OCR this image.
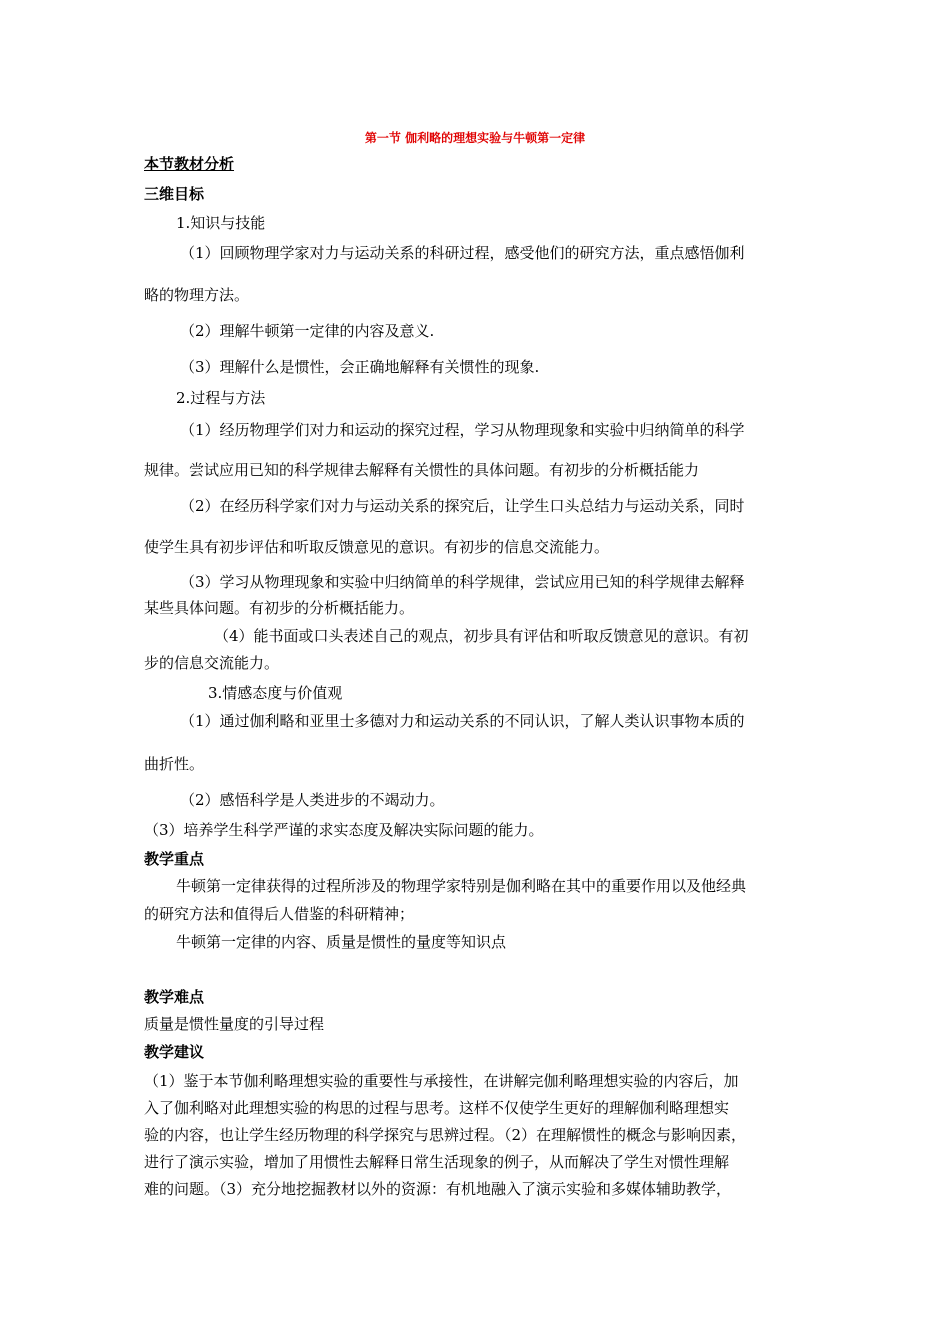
第一节 伽利略的理想实验与牛顿第一定律
本节教材分析
三维目标
1.知识与技能
（1）回顾物理学家对力与运动关系的科研过程，感受他们的研究方法，重点感悟伽利
略的物理方法。
（2）理解牛顿第一定律的内容及意义.
（3）理解什么是惯性，会正确地解释有关惯性的现象.
2.过程与方法
（1）经历物理学们对力和运动的探究过程，学习从物理现象和实验中归纳简单的科学
规律。尝试应用已知的科学规律去解释有关惯性的具体问题。有初步的分析概括能力
（2）在经历科学家们对力与运动关系的探究后，让学生口头总结力与运动关系，同时
使学生具有初步评估和听取反馈意见的意识。有初步的信息交流能力。
（3）学习从物理现象和实验中归纳简单的科学规律，尝试应用已知的科学规律去解释
某些具体问题。有初步的分析概括能力。
（4）能书面或口头表述自己的观点，初步具有评估和听取反馈意见的意识。有初
步的信息交流能力。
3.情感态度与价值观
（1）通过伽利略和亚里士多德对力和运动关系的不同认识，了解人类认识事物本质的
曲折性。
（2）感悟科学是人类进步的不竭动力。
（3）培养学生科学严谨的求实态度及解决实际问题的能力。
教学重点
牛顿第一定律获得的过程所涉及的物理学家特别是伽利略在其中的重要作用以及他经典
的研究方法和值得后人借鉴的科研精神；
牛顿第一定律的内容、质量是惯性的量度等知识点
教学难点
质量是惯性量度的引导过程
教学建议
（1）鉴于本节伽利略理想实验的重要性与承接性，在讲解完伽利略理想实验的内容后，加
入了伽利略对此理想实验的构思的过程与思考。这样不仅使学生更好的理解伽利略理想实
验的内容，也让学生经历物理的科学探究与思辨过程。（2）在理解惯性的概念与影响因素，
进行了演示实验，增加了用惯性去解释日常生活现象的例子，从而解决了学生对惯性理解
难的问题。（3）充分地挖掘教材以外的资源：有机地融入了演示实验和多媒体辅助教学，
